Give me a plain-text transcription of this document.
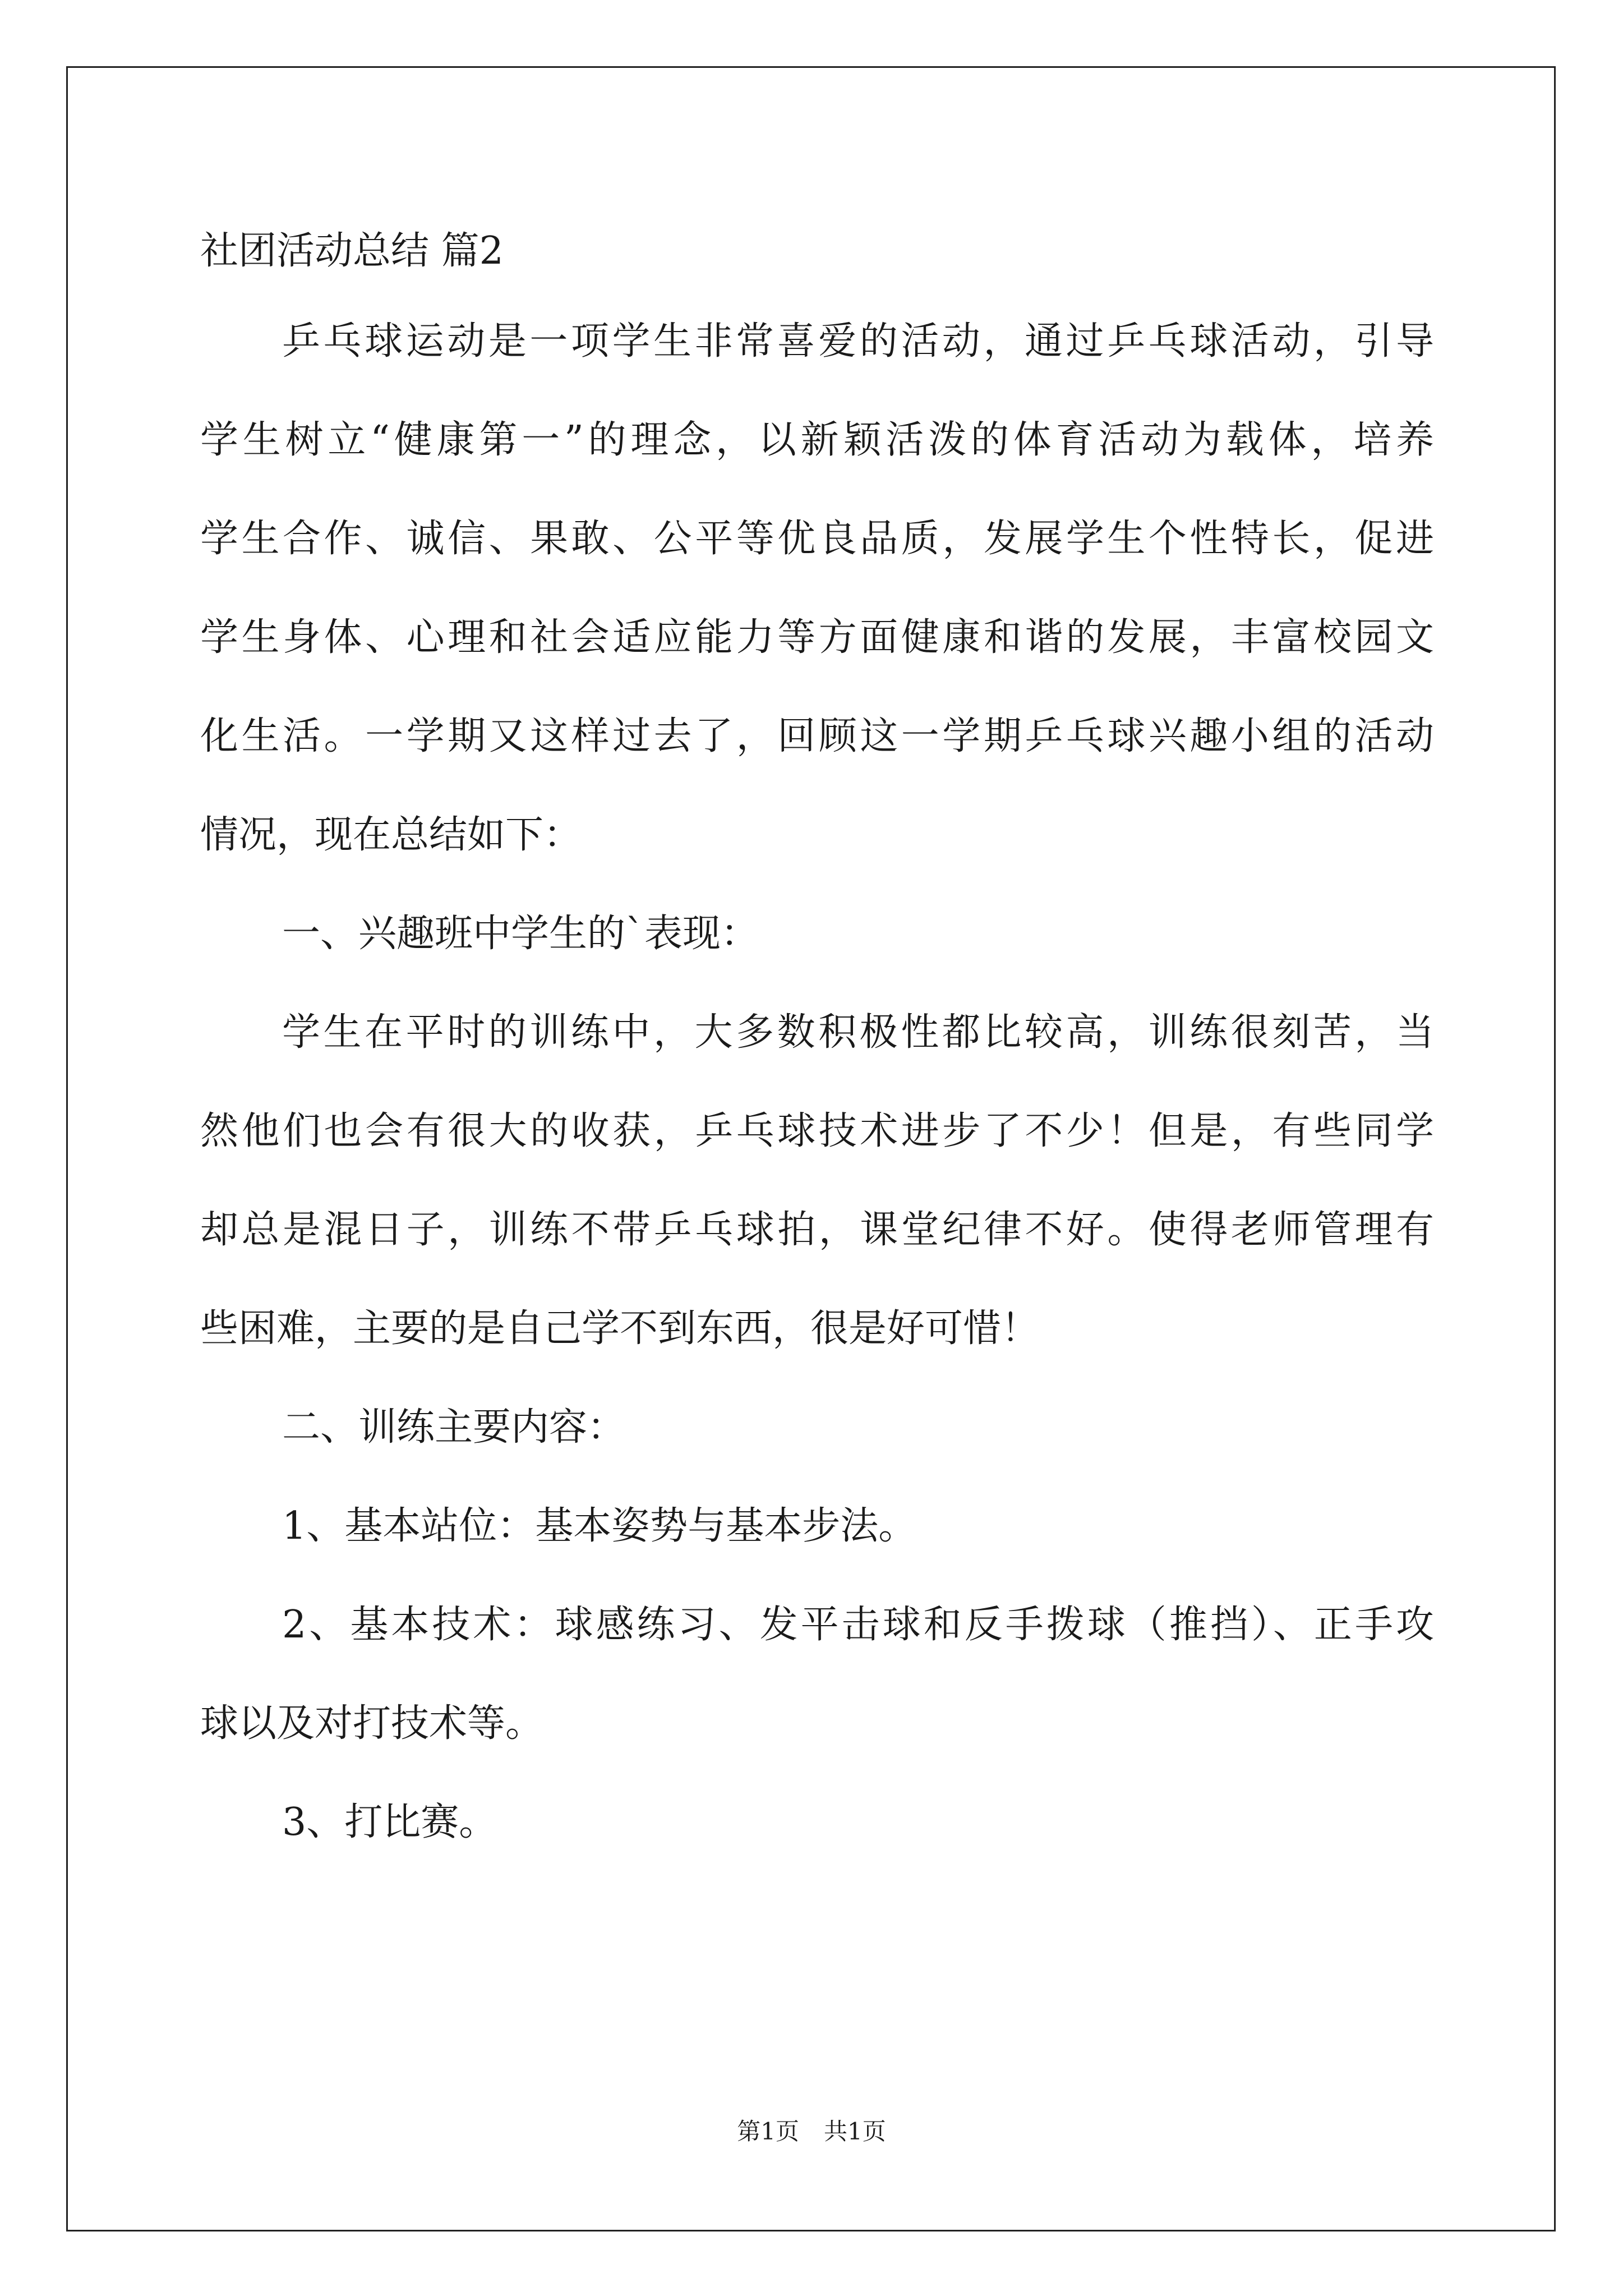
社团活动总结 篇2
乒乓球运动是一项学生非常喜爱的活动，通过乒乓球活动，引导
学生树立“健康第一”的理念，以新颖活泼的体育活动为载体，培养
学生合作、诚信、果敢、公平等优良品质，发展学生个性特长，促进
学生身体、心理和社会适应能力等方面健康和谐的发展，丰富校园文
化生活。一学期又这样过去了，回顾这一学期乒乓球兴趣小组的活动
情况，现在总结如下：
一、兴趣班中学生的`表现：
学生在平时的训练中，大多数积极性都比较高，训练很刻苦，当
然他们也会有很大的收获，乒乓球技术进步了不少！但是，有些同学
却总是混日子，训练不带乒乓球拍，课堂纪律不好。使得老师管理有
些困难，主要的是自己学不到东西，很是好可惜！
二、训练主要内容：
1、基本站位：基本姿势与基本步法。
2、基本技术：球感练习、发平击球和反手拨球（推挡）、正手攻
球以及对打技术等。
3、打比赛。
第1页 共1页
